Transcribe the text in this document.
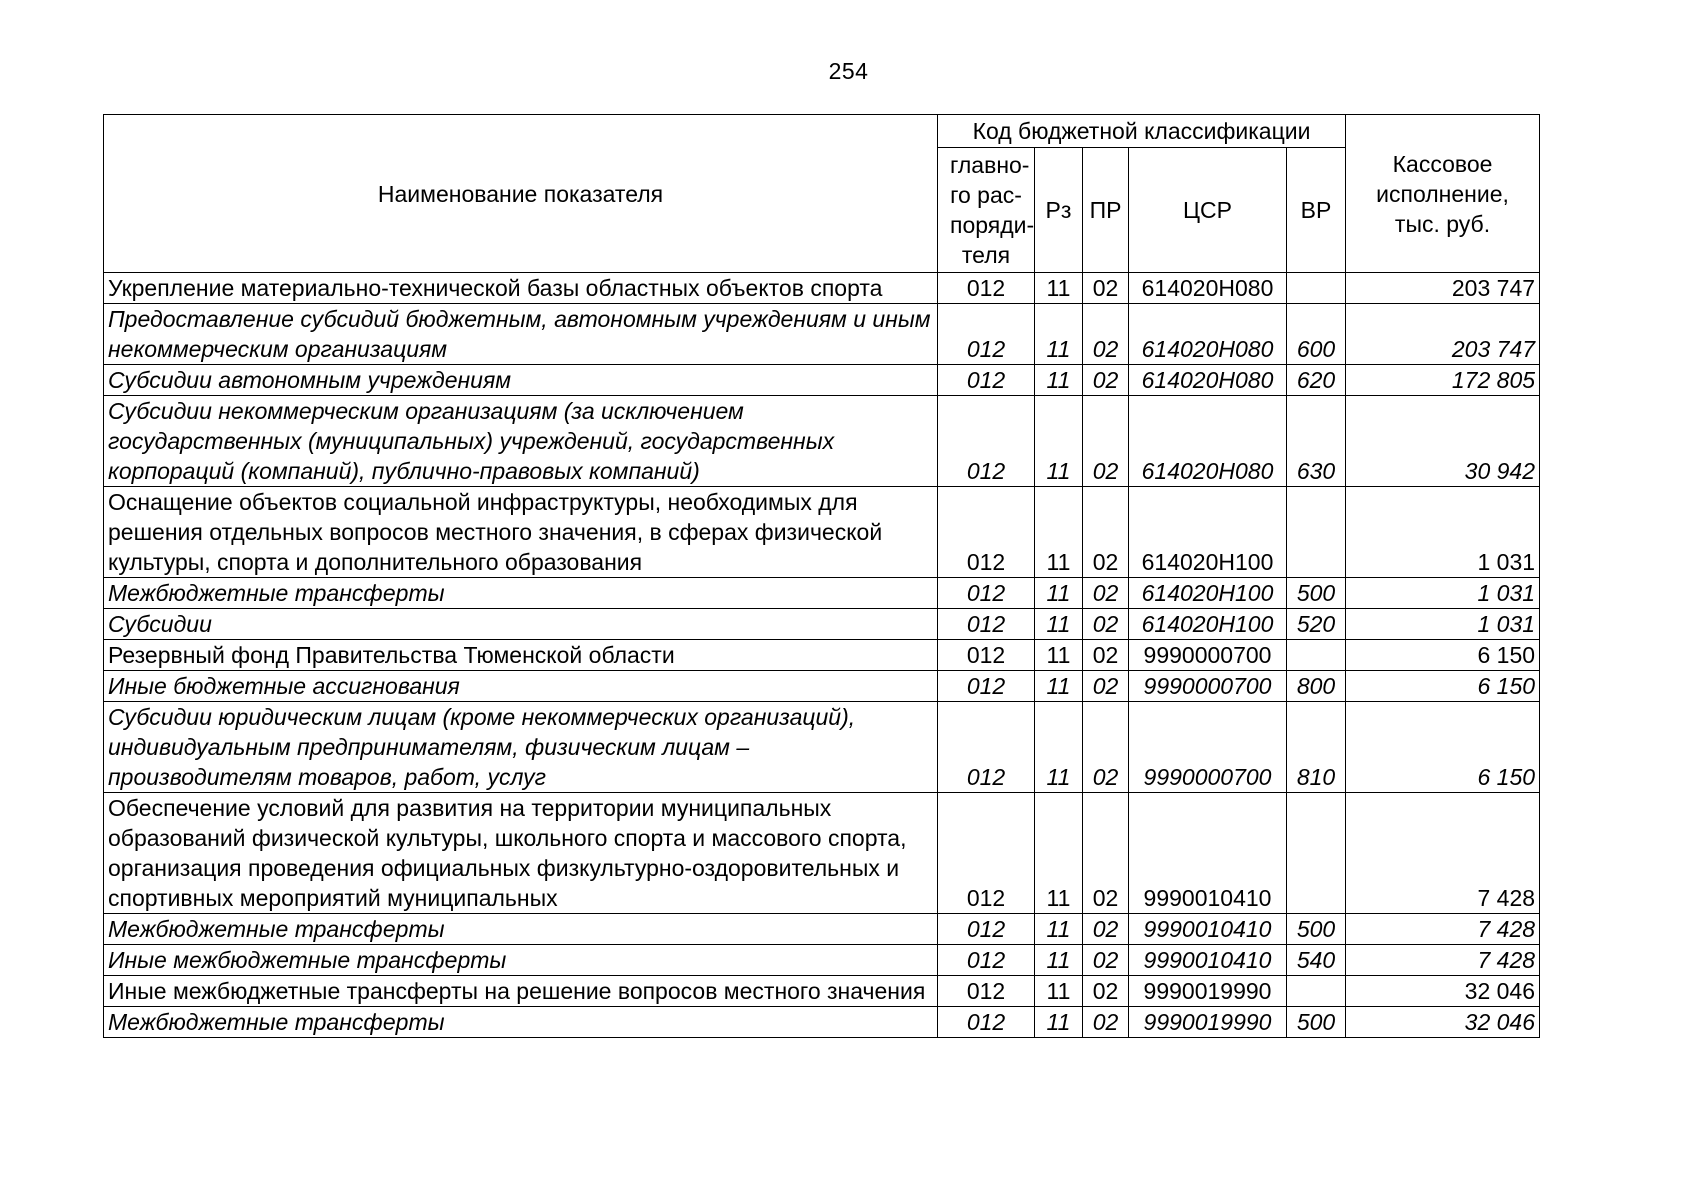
254
Наименование показателя	Код бюджетной классификации					Кассовое исполнение, тыс. руб.
	главно-го рас-поряди-теля	Рз	ПР	ЦСР	ВР	
Укрепление материально-технической базы областных объектов спорта	012	11	02	614020Н080		203 747
Предоставление субсидий бюджетным, автономным учреждениям и иным некоммерческим организациям	012	11	02	614020Н080	600	203 747
Субсидии автономным учреждениям	012	11	02	614020Н080	620	172 805
Субсидии некоммерческим организациям (за исключением государственных (муниципальных) учреждений, государственных корпораций (компаний), публично-правовых компаний)	012	11	02	614020Н080	630	30 942
Оснащение объектов социальной инфраструктуры, необходимых для решения отдельных вопросов местного значения, в сферах физической культуры, спорта и дополнительного образования	012	11	02	614020Н100		1 031
Межбюджетные трансферты	012	11	02	614020Н100	500	1 031
Субсидии	012	11	02	614020Н100	520	1 031
Резервный фонд Правительства Тюменской области	012	11	02	9990000700		6 150
Иные бюджетные ассигнования	012	11	02	9990000700	800	6 150
Субсидии юридическим лицам (кроме некоммерческих организаций), индивидуальным предпринимателям, физическим лицам – производителям товаров, работ, услуг	012	11	02	9990000700	810	6 150
Обеспечение условий для развития на территории муниципальных образований физической культуры, школьного спорта и массового спорта, организация проведения официальных физкультурно-оздоровительных и спортивных мероприятий муниципальных	012	11	02	9990010410		7 428
Межбюджетные трансферты	012	11	02	9990010410	500	7 428
Иные межбюджетные трансферты	012	11	02	9990010410	540	7 428
Иные межбюджетные трансферты на решение вопросов местного значения	012	11	02	9990019990		32 046
Межбюджетные трансферты	012	11	02	9990019990	500	32 046
